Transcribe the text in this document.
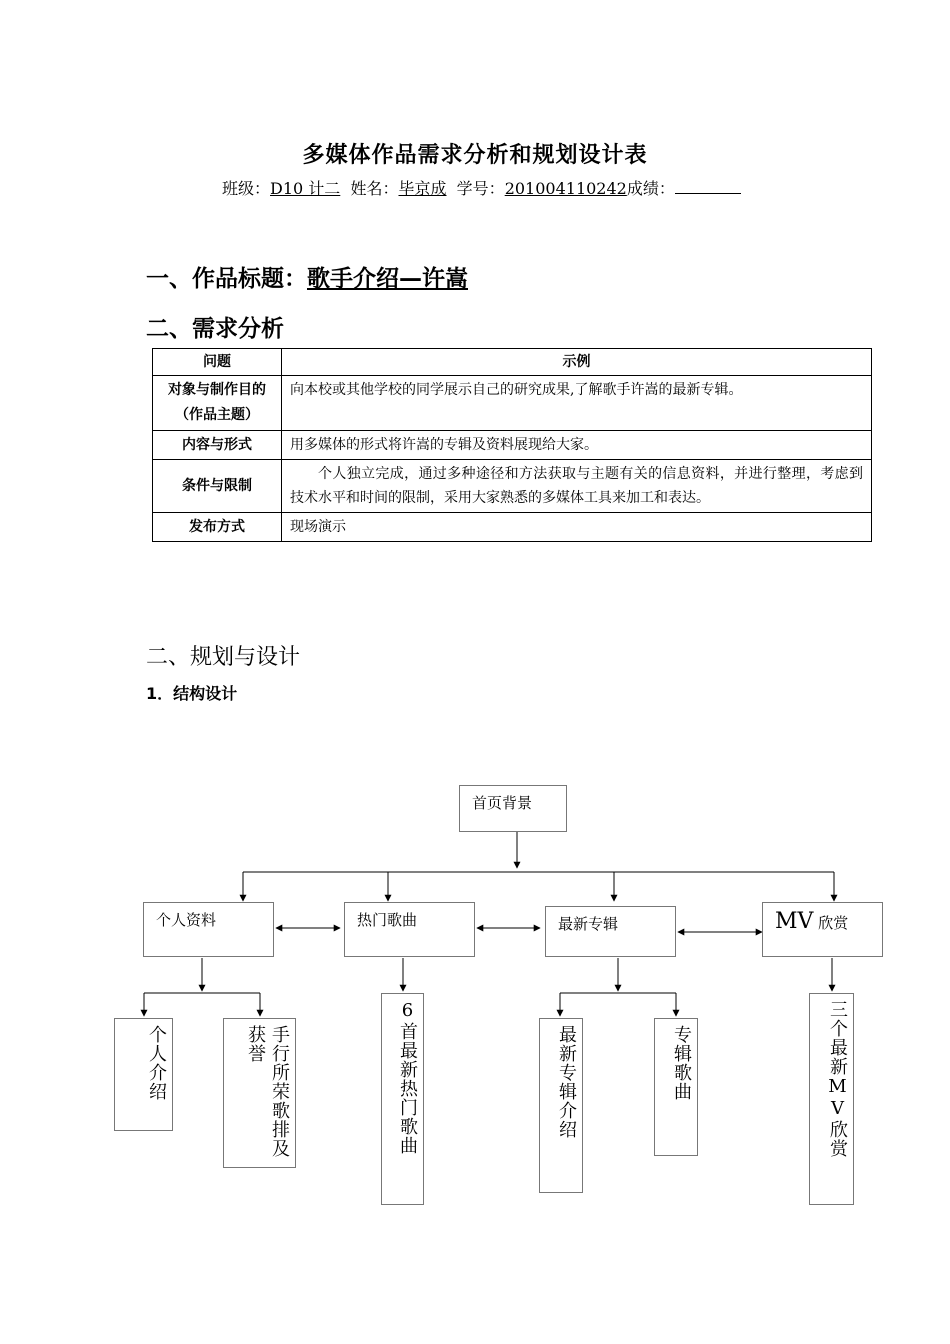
多媒体作品需求分析和规划设计表
班级：D10 计二 姓名：毕京成 学号：201004110242成绩：
一、作品标题：歌手介绍—许嵩
二、需求分析
问题	示例
对象与制作目的（作品主题）	向本校或其他学校的同学展示自己的研究成果,了解歌手许嵩的最新专辑。
内容与形式	用多媒体的形式将许嵩的专辑及资料展现给大家。
条件与限制	个人独立完成，通过多种途径和方法获取与主题有关的信息资料，并进行整理，考虑到技术水平和时间的限制，采用大家熟悉的多媒体工具来加工和表达。
发布方式	现场演示
二、规划与设计
1．结构设计
首页背景
个人资料	热门歌曲	最新专辑	MV 欣赏
个人介绍	手行所荣歌排及获誉	6首最新热门歌曲	最新专辑介绍	专辑歌曲	三个最新MV欣赏
